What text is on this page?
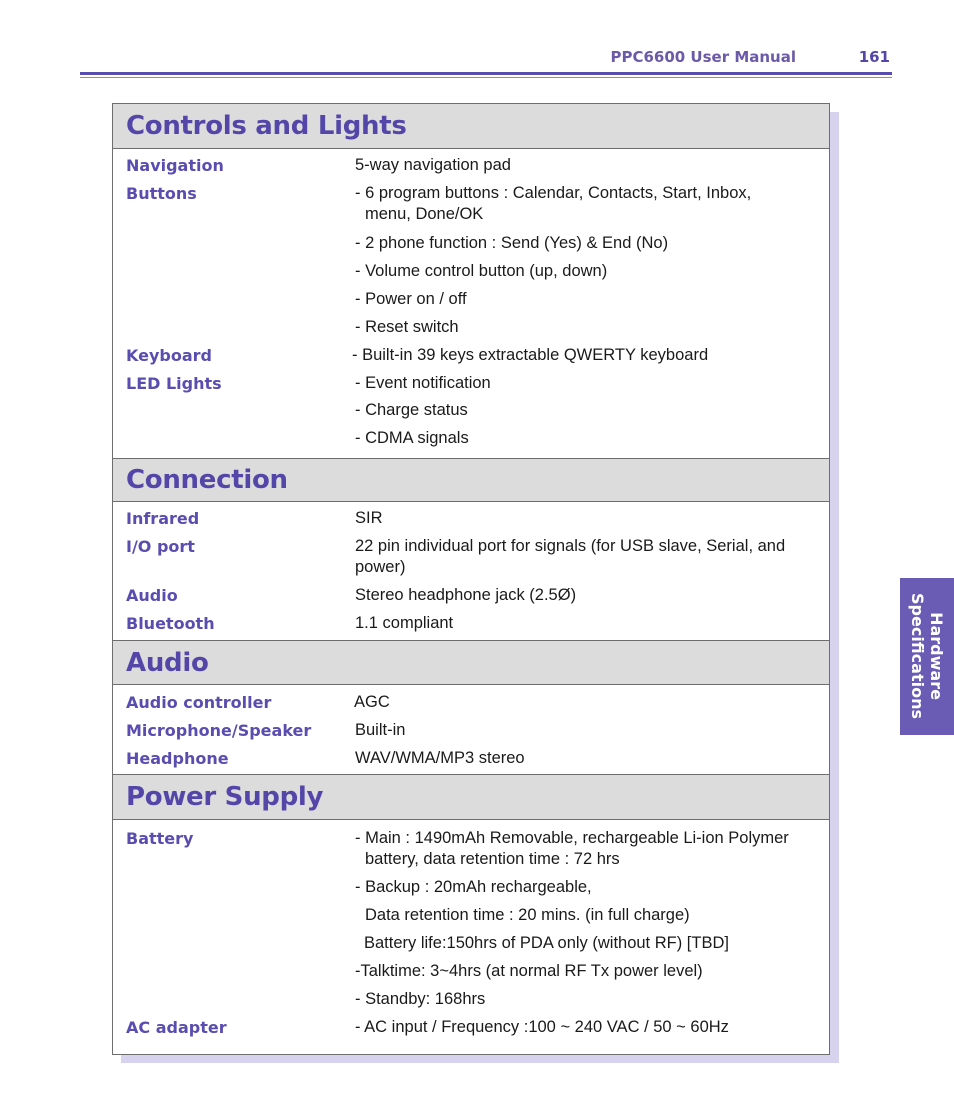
PPC6600 User Manual	161
Hardware
Specifications
Controls and Lights
Navigation	5-way navigation pad
Buttons	- 6 program buttons : Calendar, Contacts, Start, Inbox,
menu, Done/OK
- 2 phone function : Send (Yes) & End (No)
- Volume control button (up, down)
- Power on / off
- Reset switch
Keyboard	- Built-in 39 keys extractable QWERTY keyboard
LED Lights	- Event notification
- Charge status
- CDMA signals
Connection
Infrared	SIR
I/O port	22 pin individual port for signals (for USB slave, Serial, and power)
Audio	Stereo headphone jack (2.5Ø)
Bluetooth	1.1 compliant
Audio
Audio controller	AGC
Microphone/Speaker	Built-in
Headphone	WAV/WMA/MP3 stereo
Power Supply
Battery	- Main : 1490mAh Removable, rechargeable Li-ion Polymer
battery, data retention time : 72 hrs
- Backup : 20mAh rechargeable,
Data retention time : 20 mins. (in full charge)
Battery life:150hrs of PDA only (without RF) [TBD]
-Talktime: 3~4hrs (at normal RF Tx power level)
- Standby: 168hrs
AC adapter	- AC input / Frequency :100 ~ 240 VAC / 50 ~ 60Hz
